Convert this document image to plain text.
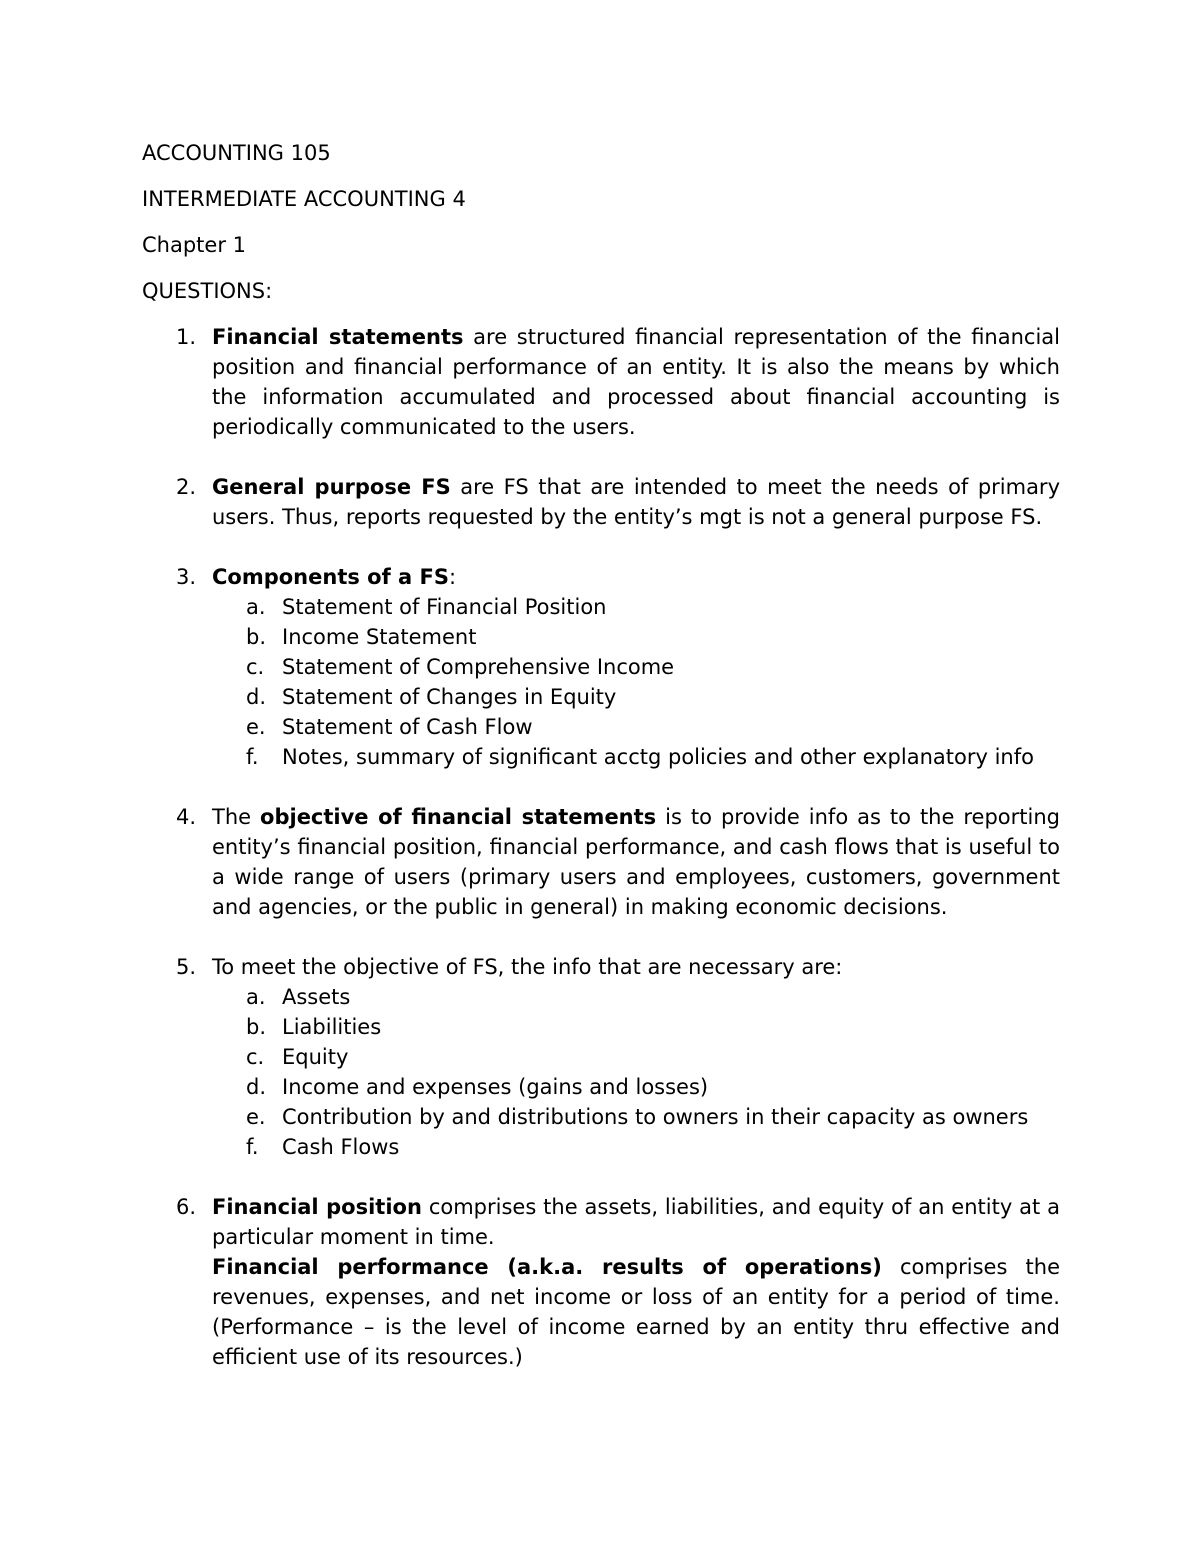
ACCOUNTING 105
INTERMEDIATE ACCOUNTING 4
Chapter 1
QUESTIONS:
1. Financial statements are structured financial representation of the financial position and financial performance of an entity. It is also the means by which the information accumulated and processed about financial accounting is periodically communicated to the users.
2. General purpose FS are FS that are intended to meet the needs of primary users. Thus, reports requested by the entity’s mgt is not a general purpose FS.
3. Components of a FS:
a. Statement of Financial Position
b. Income Statement
c. Statement of Comprehensive Income
d. Statement of Changes in Equity
e. Statement of Cash Flow
f. Notes, summary of significant acctg policies and other explanatory info
4. The objective of financial statements is to provide info as to the reporting entity’s financial position, financial performance, and cash flows that is useful to a wide range of users (primary users and employees, customers, government and agencies, or the public in general) in making economic decisions.
5. To meet the objective of FS, the info that are necessary are:
a. Assets
b. Liabilities
c. Equity
d. Income and expenses (gains and losses)
e. Contribution by and distributions to owners in their capacity as owners
f. Cash Flows
6. Financial position comprises the assets, liabilities, and equity of an entity at a particular moment in time.
Financial performance (a.k.a. results of operations) comprises the revenues, expenses, and net income or loss of an entity for a period of time. (Performance – is the level of income earned by an entity thru effective and efficient use of its resources.)
